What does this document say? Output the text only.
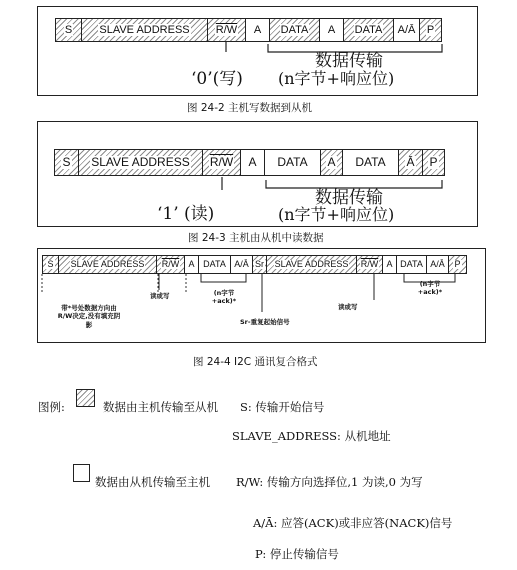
S SLAVE ADDRESS R/W A DATA A DATA A/Ā P
‘0’(写)
数据传输
(n字节+响应位)
图 24-2 主机写数据到从机
S SLAVE ADDRESS R/W A DATA A DATA Ā P
‘1’ (读)
数据传输
(n字节+响应位)
图 24-3 主机由从机中读数据
S SLAVE ADDRESS R/W A DATA A/Ā Sr SLAVE ADDRESS R/W A DATA A/Ā P
带*号处数据方向由R/W决定,没有填充阴影
读或写	(n字节 +ack)*
Sr-重复起始信号
读或写
(n字节 +ack)*
图 24-4 I2C 通讯复合格式
图例:	数据由主机传输至从机 S: 传输开始信号
SLAVE_ADDRESS: 从机地址
数据由从机传输至主机 R/W: 传输方向选择位,1 为读,0 为写
A/Ā: 应答(ACK)或非应答(NACK)信号
P: 停止传输信号
